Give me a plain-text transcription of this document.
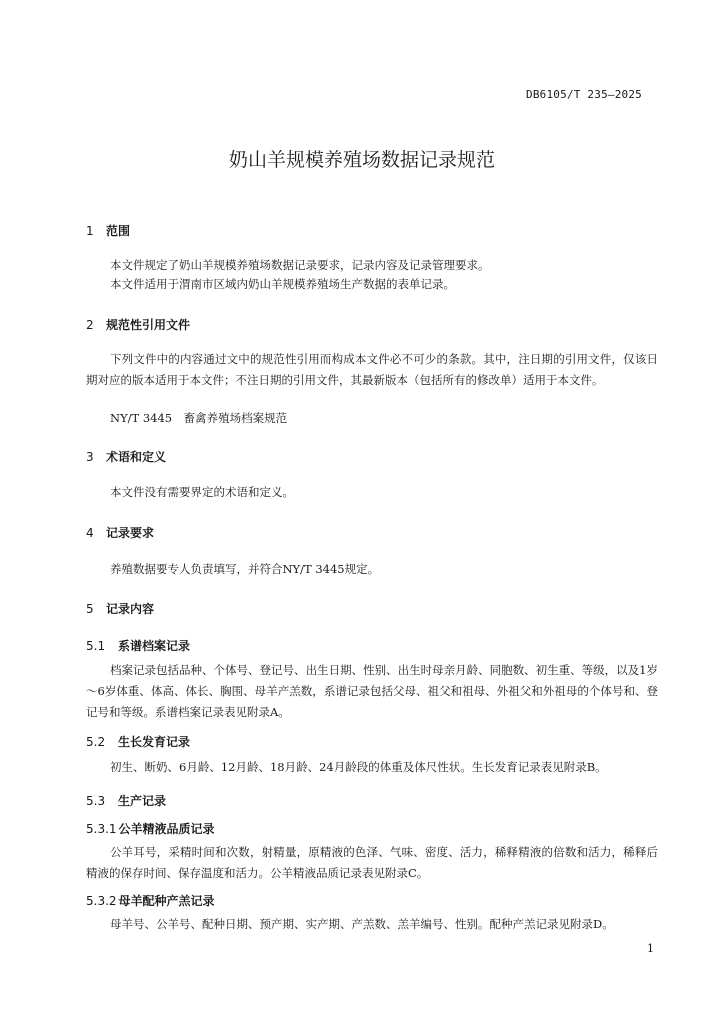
DB6105/T 235—2025
奶山羊规模养殖场数据记录规范
1 范围
本文件规定了奶山羊规模养殖场数据记录要求，记录内容及记录管理要求。
本文件适用于渭南市区域内奶山羊规模养殖场生产数据的表单记录。
2 规范性引用文件
下列文件中的内容通过文中的规范性引用而构成本文件必不可少的条款。其中，注日期的引用文件，仅该日期对应的版本适用于本文件；不注日期的引用文件，其最新版本（包括所有的修改单）适用于本文件。
NY/T 3445　畜禽养殖场档案规范
3 术语和定义
本文件没有需要界定的术语和定义。
4 记录要求
养殖数据要专人负责填写，并符合NY/T 3445规定。
5 记录内容
5.1 系谱档案记录
档案记录包括品种、个体号、登记号、出生日期、性别、出生时母亲月龄、同胞数、初生重、等级，以及1岁～6岁体重、体高、体长、胸围、母羊产羔数，系谱记录包括父母、祖父和祖母、外祖父和外祖母的个体号和、登记号和等级。系谱档案记录表见附录A。
5.2 生长发育记录
初生、断奶、6月龄、12月龄、18月龄、24月龄段的体重及体尺性状。生长发育记录表见附录B。
5.3 生产记录
5.3.1 公羊精液品质记录
公羊耳号，采精时间和次数，射精量，原精液的色泽、气味、密度、活力，稀释精液的倍数和活力，稀释后精液的保存时间、保存温度和活力。公羊精液品质记录表见附录C。
5.3.2 母羊配种产羔记录
母羊号、公羊号、配种日期、预产期、实产期、产羔数、羔羊编号、性别。配种产羔记录见附录D。
1
